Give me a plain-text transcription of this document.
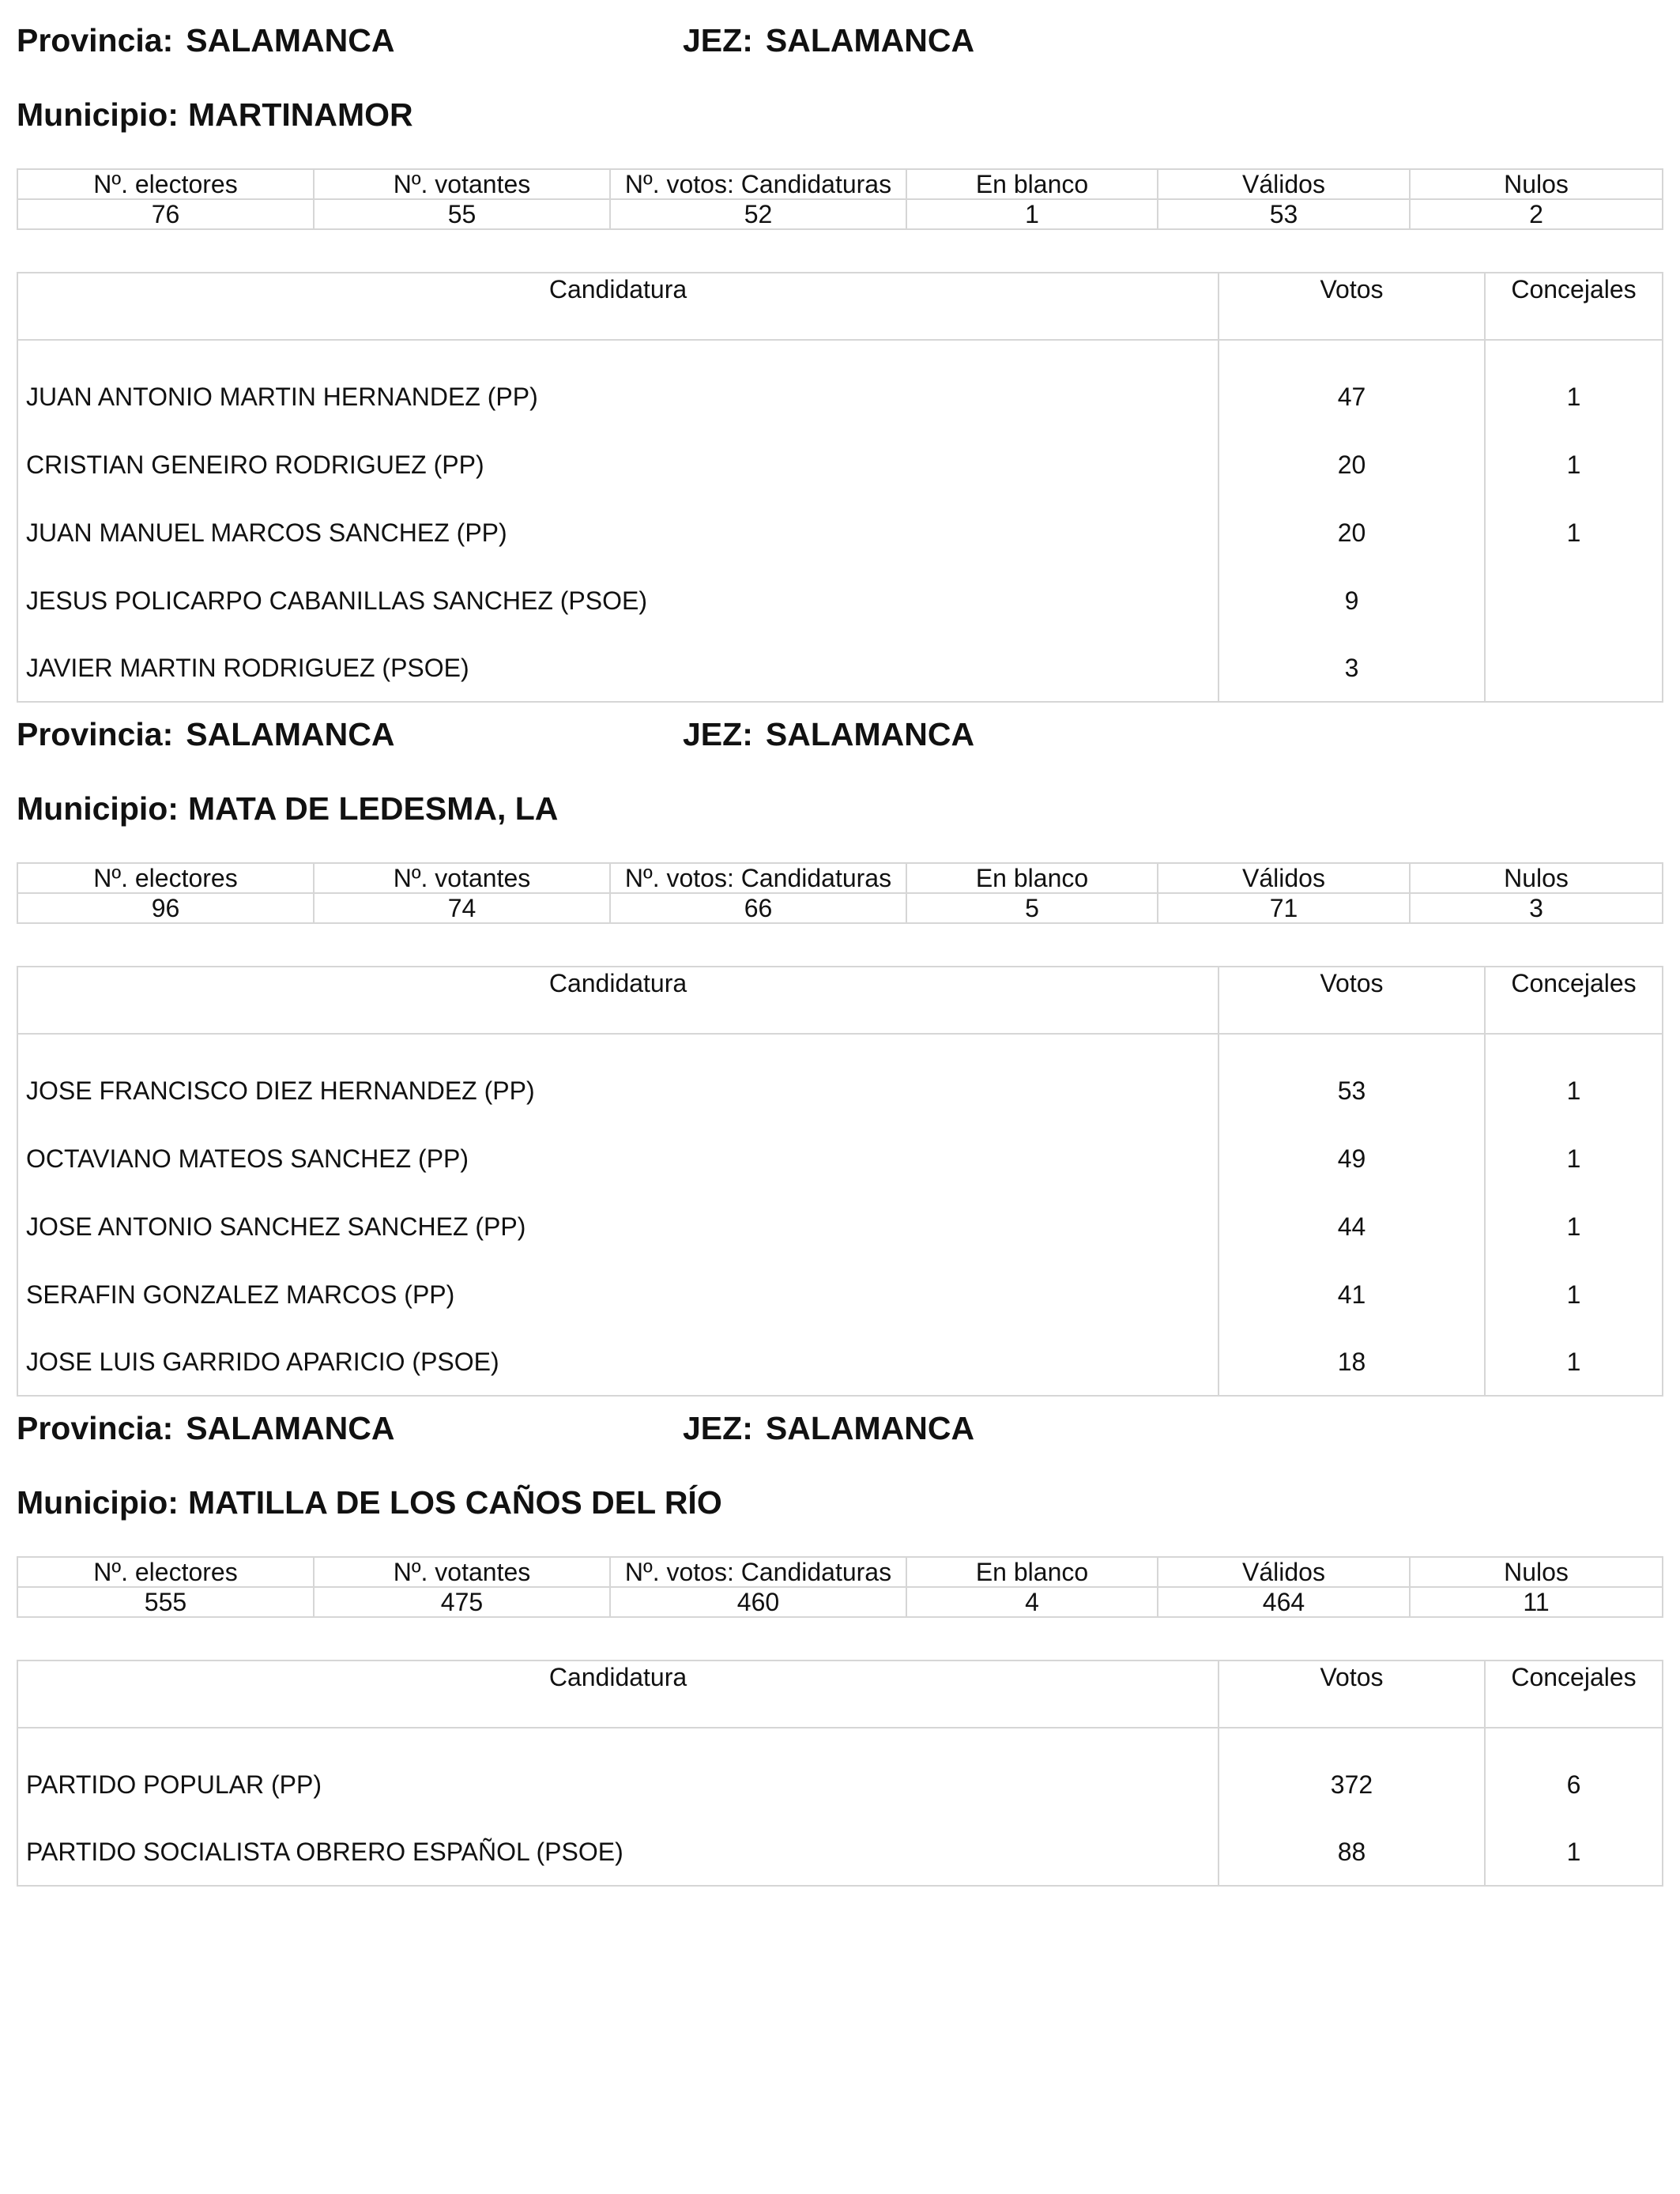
Provincia: SALAMANCA	JEZ: SALAMANCA
Municipio: MARTINAMOR
Nº. electores	Nº. votantes	Nº. votos: Candidaturas	En blanco	Válidos	Nulos
76	55	52	1	53	2
Candidatura	Votos	Concejales
JUAN ANTONIO MARTIN HERNANDEZ (PP)	47	1
CRISTIAN GENEIRO RODRIGUEZ (PP)	20	1
JUAN MANUEL MARCOS SANCHEZ (PP)	20	1
JESUS POLICARPO CABANILLAS SANCHEZ (PSOE)	9	
JAVIER MARTIN RODRIGUEZ (PSOE)	3	
Provincia: SALAMANCA	JEZ: SALAMANCA
Municipio: MATA DE LEDESMA, LA
Nº. electores	Nº. votantes	Nº. votos: Candidaturas	En blanco	Válidos	Nulos
96	74	66	5	71	3
Candidatura	Votos	Concejales
JOSE FRANCISCO DIEZ HERNANDEZ (PP)	53	1
OCTAVIANO MATEOS SANCHEZ (PP)	49	1
JOSE ANTONIO SANCHEZ SANCHEZ (PP)	44	1
SERAFIN GONZALEZ MARCOS (PP)	41	1
JOSE LUIS GARRIDO APARICIO (PSOE)	18	1
Provincia: SALAMANCA	JEZ: SALAMANCA
Municipio: MATILLA DE LOS CAÑOS DEL RÍO
Nº. electores	Nº. votantes	Nº. votos: Candidaturas	En blanco	Válidos	Nulos
555	475	460	4	464	11
Candidatura	Votos	Concejales
PARTIDO POPULAR (PP)	372	6
PARTIDO SOCIALISTA OBRERO ESPAÑOL (PSOE)	88	1
